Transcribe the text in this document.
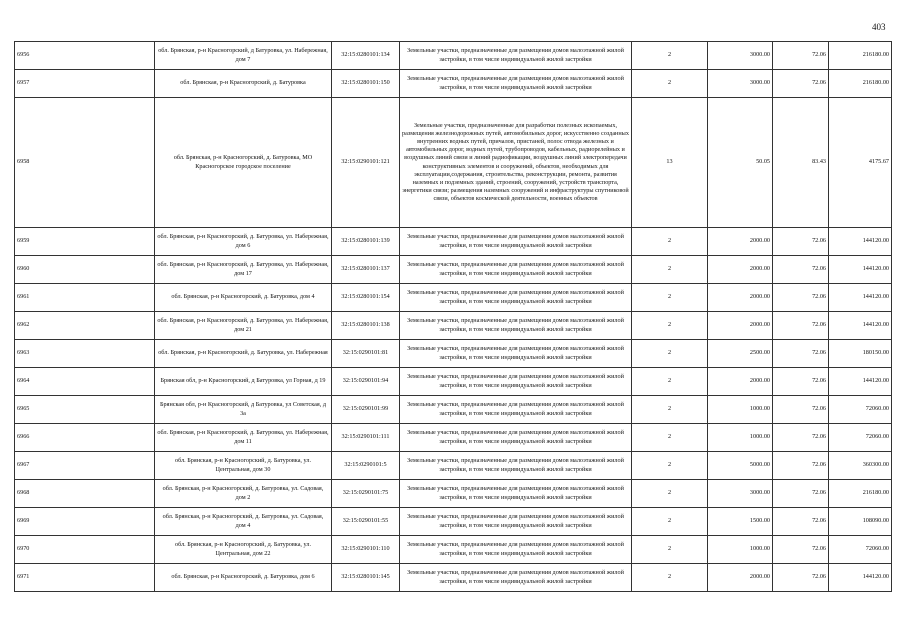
403
6956	обл. Брянская, р-н Красногорский, д Батуровка, ул. Набережная, дом 7	32:15:0280101:134	Земельные участки, предназначенные для размещения домов малоэтажной жилой застройки, в том числе индивидуальной жилой застройки	2	3000.00	72.06	216180.00
6957	обл. Брянская, р-н Красногорский, д. Батуровка	32:15:0280101:150	Земельные участки, предназначенные для размещения домов малоэтажной жилой застройки, в том числе индивидуальной жилой застройки	2	3000.00	72.06	216180.00
6958	обл. Брянская, р-н Красногорский, д. Батуровка, МО Красногорское городское поселение	32:15:0290101:121	Земельные участки, предназначенные для разработки полезных ископаемых, размещения железнодорожных путей, автомобильных дорог, искусственно созданных внутренних водных путей, причалов, пристаней, полос отвода железных и автомобильных дорог, водных путей, трубопроводов, кабельных, радиорелейных и воздушных линий связи и линий радиофикации, воздушных линий электропередачи конструктивных элементов и сооружений, объектов, необходимых для эксплуатации,содержания, строительства, реконструкции, ремонта, развития наземных и подземных зданий, строений, сооружений, устройств транспорта, энергетики связи; размещения наземных сооружений и инфраструктуры спутниковой связи, объектов космической деятельности, военных объектов	13	50.05	83.43	4175.67
6959	обл. Брянская, р-н Красногорский, д. Батуровка, ул. Набережная, дом 6	32:15:0280101:139	Земельные участки, предназначенные для размещения домов малоэтажной жилой застройки, в том числе индивидуальной жилой застройки	2	2000.00	72.06	144120.00
6960	обл. Брянская, р-н Красногорский, д. Батуровка, ул. Набережная, дом 17	32:15:0280101:137	Земельные участки, предназначенные для размещения домов малоэтажной жилой застройки, в том числе индивидуальной жилой застройки	2	2000.00	72.06	144120.00
6961	обл. Брянская, р-н Красногорский, д. Батуровка, дом 4	32:15:0280101:154	Земельные участки, предназначенные для размещения домов малоэтажной жилой застройки, в том числе индивидуальной жилой застройки	2	2000.00	72.06	144120.00
6962	обл. Брянская, р-н Красногорский, д. Батуровка, ул. Набережная, дом 21	32:15:0280101:138	Земельные участки, предназначенные для размещения домов малоэтажной жилой застройки, в том числе индивидуальной жилой застройки	2	2000.00	72.06	144120.00
6963	обл. Брянская, р-н Красногорский, д. Батуровка, ул. Набережная	32:15:0290101:81	Земельные участки, предназначенные для размещения домов малоэтажной жилой застройки, в том числе индивидуальной жилой застройки	2	2500.00	72.06	180150.00
6964	Брянская обл, р-н Красногорский, д Батуровка, ул Горная, д 19	32:15:0290101:94	Земельные участки, предназначенные для размещения домов малоэтажной жилой застройки, в том числе индивидуальной жилой застройки	2	2000.00	72.06	144120.00
6965	Брянская обл, р-н Красногорский, д Батуровка, ул Советская, д 3а	32:15:0290101:99	Земельные участки, предназначенные для размещения домов малоэтажной жилой застройки, в том числе индивидуальной жилой застройки	2	1000.00	72.06	72060.00
6966	обл. Брянская, р-н Красногорский, д. Батуровка, ул. Набережная, дом 11	32:15:0290101:111	Земельные участки, предназначенные для размещения домов малоэтажной жилой застройки, в том числе индивидуальной жилой застройки	2	1000.00	72.06	72060.00
6967	обл. Брянская, р-н Красногорский, д. Батуровка, ул. Центральная, дом 30	32:15:0290101:5	Земельные участки, предназначенные для размещения домов малоэтажной жилой застройки, в том числе индивидуальной жилой застройки	2	5000.00	72.06	360300.00
6968	обл. Брянская, р-н Красногорский, д. Батуровка, ул. Садовая, дом 2	32:15:0290101:75	Земельные участки, предназначенные для размещения домов малоэтажной жилой застройки, в том числе индивидуальной жилой застройки	2	3000.00	72.06	216180.00
6969	обл. Брянская, р-н Красногорский, д. Батуровка, ул. Садовая, дом 4	32:15:0290101:55	Земельные участки, предназначенные для размещения домов малоэтажной жилой застройки, в том числе индивидуальной жилой застройки	2	1500.00	72.06	108090.00
6970	обл. Брянская, р-н Красногорский, д. Батуровка, ул. Центральная, дом 22	32:15:0290101:110	Земельные участки, предназначенные для размещения домов малоэтажной жилой застройки, в том числе индивидуальной жилой застройки	2	1000.00	72.06	72060.00
6971	обл. Брянская, р-н Красногорский, д. Батуровка, дом 6	32:15:0280101:145	Земельные участки, предназначенные для размещения домов малоэтажной жилой застройки, в том числе индивидуальной жилой застройки	2	2000.00	72.06	144120.00
